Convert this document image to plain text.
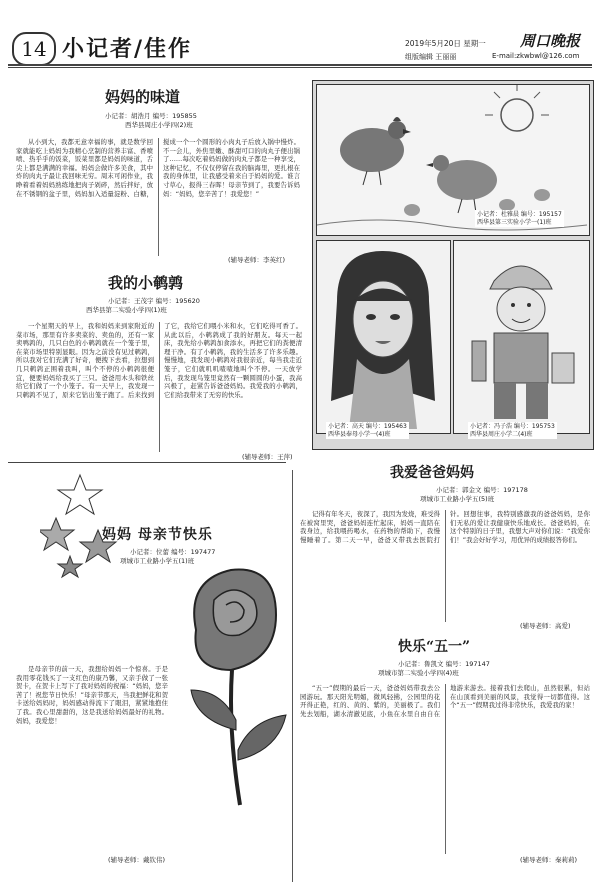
14 小记者/佳作	2019年5月20日 星期一 周口晚报
组版编辑 王丽丽	E-mail:zkwbwl@126.com
妈妈的味道
小记者：胡浩月 编号：195855
西华县周庄小学四(2)班
从小到大，我都无意幸福的事，就是数学回家就能吃上妈妈为我精心烹制的营养丰富、香喷喷、热乎乎的饭菜，饭菜里都是妈妈的味道，舌尖上都是满满的幸福。妈妈会做许多美食，其中炸的肉丸子最让我回味无穷。周末可闲作业，我睁着看着妈妈熟练地把肉子剁碎，然后拌好，放在不锈钢的盆子里，妈妈加入适量淀粉、白糖，搅成一个一个圆形的小肉丸子后放入锅中慢炸。不一会儿，外焦里嫩、酥甜可口的肉丸子便出锅了……每次吃着妈妈做的肉丸子都是一种享受，这种记忆，不仅仅停留在我的脑海里，更扎根在我的身体里，让我感受着来自于妈妈的爱。谁言寸草心，报得三春晖！母亲节到了，我要告诉妈妈：“妈妈，您辛苦了！我爱您！”
(辅导老师：李英红)
我的小鹌鹑
小记者：王茂宇 编号：195620
西华县第二实验小学四(1)班
一个星期天的早上，我和妈妈来到家附近的菜市场，那里有许多卖菜的、卖鱼的，还有一家卖鸭鹑的，几只白色的小鹌鹑就在一个笼子里，在菜市场里特别显眼。因为之前没有见过鹌鹑，所以我对它们充满了好奇，便拽下去看，拉想到几只鹌鹑正围着我叫，叫个不停的小鹌鹑很便宜，便要妈妈给我买了三只。爸爸用木头和铁丝给它们做了一个小笼子。有一天早上，我发现一只鹌鹑不见了，原来它钻出笼子跑了。后来找到了它，我给它们喂小米和水，它们吃得可香了。从此以后，小鹌鹑成了我的好朋友。每天一起床，我先给小鹌鹑加食添水，再把它们的粪便清理干净。有了小鹌鹑，我的生活多了许多乐趣。慢慢地，我发现小鹌鹑对我很亲近，每当我走近笼子，它们就叽叽喳喳地叫个不停。一天放学后，我发现鸟笼里竟然有一颗圆圆的小蛋，我高兴极了，赶紧告诉爸爸妈妈。我爱我的小鹌鹑，它们给我带来了无穷的快乐。
(辅导老师：王萍)
小记者：杜雅晨 编号：195157
西华县第三实验小学一(1)班
小记者：高天 编号：195463
西华县奉母小学一(4)班
小记者：冯子浩 编号：195753
西华县周庄小学二(4)班
妈妈 母亲节快乐
小记者：位蕾 编号：197477
项城市工业路小学五(1)班
是母亲节的前一天，我想给妈妈一个惊喜。于是我用零花钱买了一支红色的康乃馨，又亲手做了一张贺卡，在贺卡上写下了我对妈妈的祝福：“妈妈，您辛苦了！祝您节日快乐！”母亲节那天，当我把鲜花和贺卡送给妈妈时，妈妈感动得流下了眼泪，紧紧地抱住了我。我心里甜甜的，这是我送给妈妈最好的礼物。妈妈，我爱您！
(辅导老师：戴钦伟)
我爱爸爸妈妈
小记者：郭金文 编号：197178
项城市工业路小学五(5)班
记得有年冬天，夜深了，我因为发烧，难受得在被窝里哭，爸爸妈妈连忙起床，妈妈一直陪在我身边，给我喂药喝水，在药物的帮助下，我慢慢睡着了。第二天一早，爸爸又带我去医院打针。回想往事，我特别感激我的爸爸妈妈，是你们无私的爱让我健康快乐地成长。爸爸妈妈，在这个特别的日子里，我想大声对你们说：“我爱你们！”我会好好学习，用优异的成绩报答你们。
(辅导老师：高爱)
快乐“五一”
小记者：鲁凯文 编号：197147
项城市第二实验小学四(4)班
“五一”假期的最后一天，爸爸妈妈带我去公园游玩。那天阳光明媚，微风轻拂，公园里的花开得正艳，红的、黄的、紫的，美丽极了。我们先去划船，湖水清澈见底，小鱼在水里自由自在地游来游去。接着我们去爬山，虽然很累，但站在山顶看到美丽的风景，我觉得一切都值得。这个“五一”假期我过得非常快乐，我爱我的家！
(辅导老师：秦莉莉)
